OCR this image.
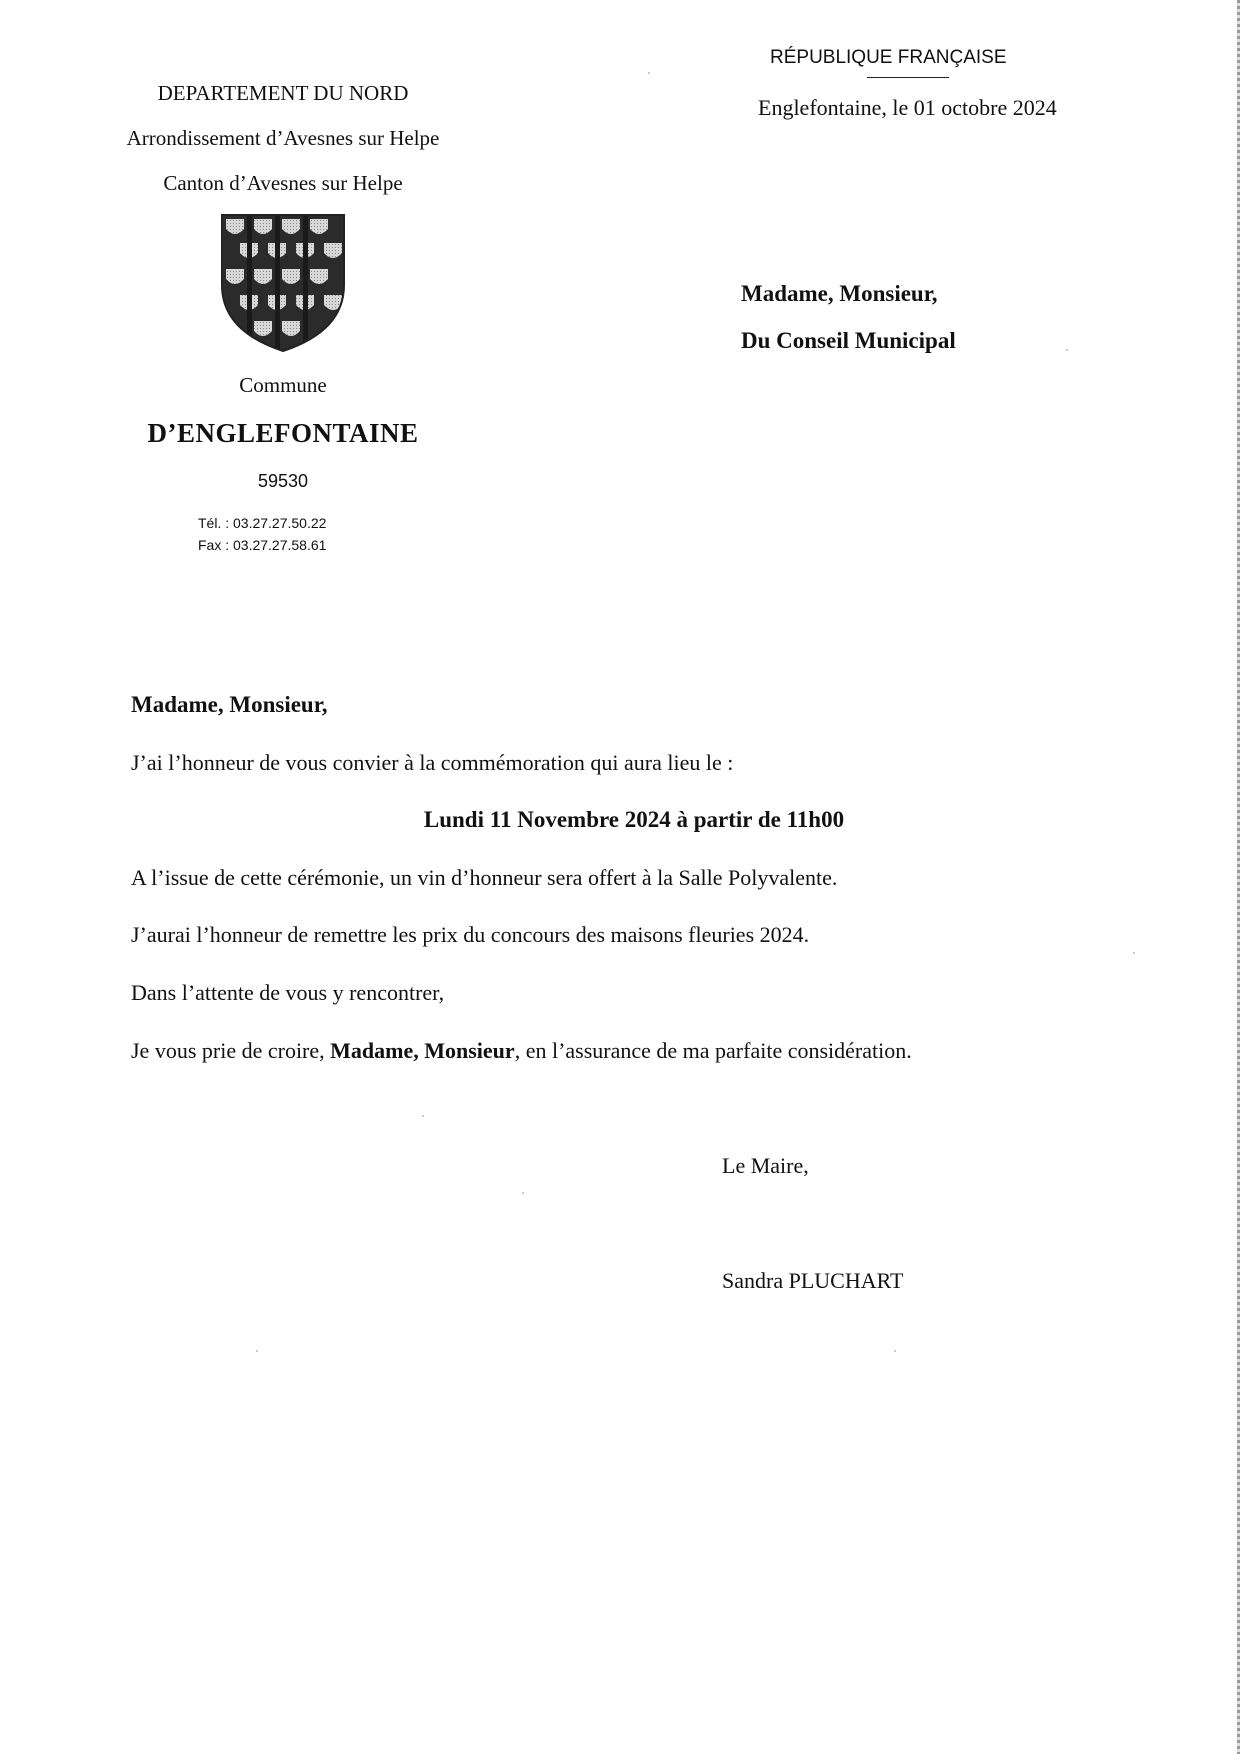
DEPARTEMENT DU NORD
Arrondissement d’Avesnes sur Helpe
Canton d’Avesnes sur Helpe
Commune
D’ENGLEFONTAINE
59530
Tél. : 03.27.27.50.22
Fax : 03.27.27.58.61
RÉPUBLIQUE FRANÇAISE
Englefontaine, le 01 octobre 2024
Madame, Monsieur,
Du Conseil Municipal
Madame, Monsieur,
J’ai l’honneur de vous convier à la commémoration qui aura lieu le :
Lundi 11 Novembre 2024 à partir de 11h00
A l’issue de cette cérémonie, un vin d’honneur sera offert à la Salle Polyvalente.
J’aurai l’honneur de remettre les prix du concours des maisons fleuries 2024.
Dans l’attente de vous y rencontrer,
Je vous prie de croire, Madame, Monsieur, en l’assurance de ma parfaite considération.
Le Maire,
Sandra PLUCHART
